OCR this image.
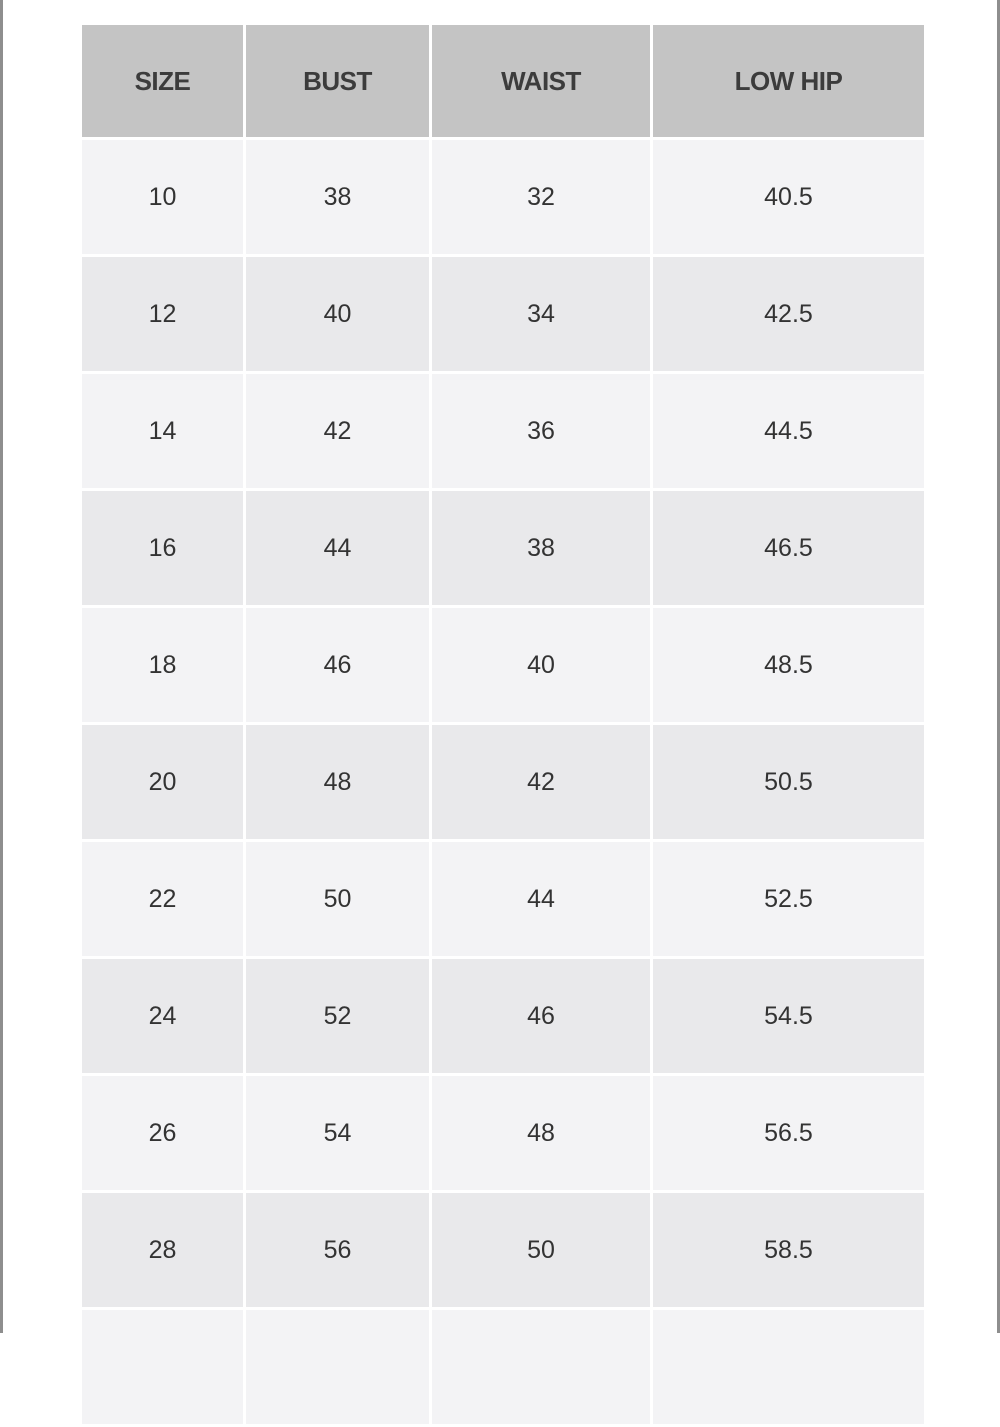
SIZE	BUST	WAIST	LOW HIP
10	38	32	40.5
12	40	34	42.5
14	42	36	44.5
16	44	38	46.5
18	46	40	48.5
20	48	42	50.5
22	50	44	52.5
24	52	46	54.5
26	54	48	56.5
28	56	50	58.5
